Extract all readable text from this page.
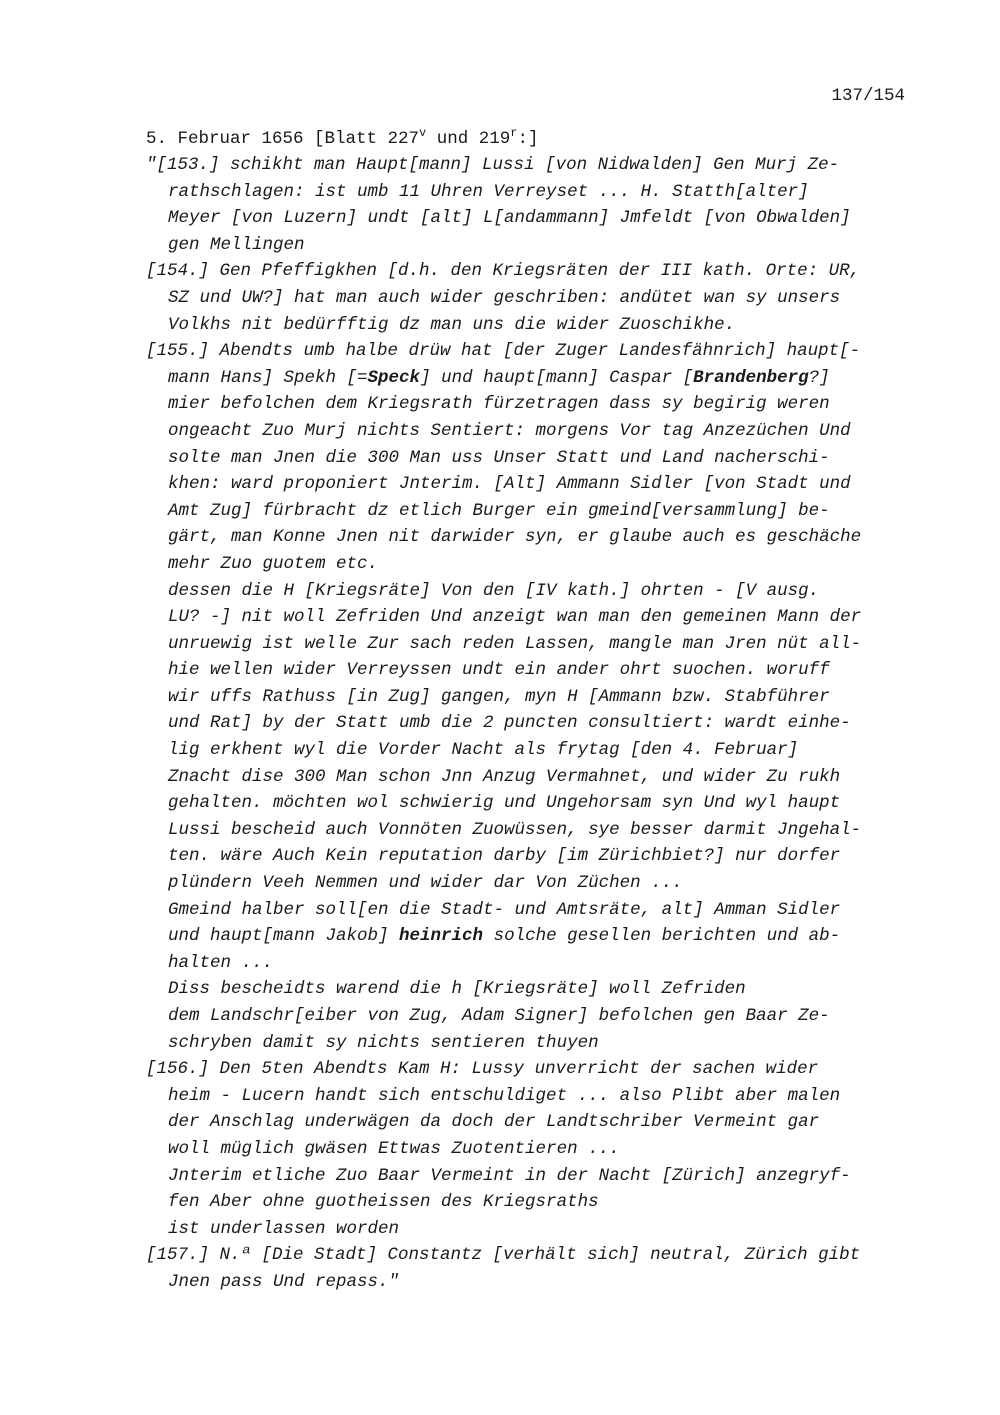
137/154
5. Februar 1656 [Blatt 227$^v$ und 219$^r$:]
"[153.] schikht man Haupt[mann] Lussi [von Nidwalden] Gen Murj Ze-
rathschlagen: ist umb 11 Uhren Verreyset ... H. Statth[alter]
Meyer [von Luzern] undt [alt] L[andammann] Jmfeldt [von Obwalden]
gen Mellingen
[154.] Gen Pfeffigkhen [d.h. den Kriegsräten der III kath. Orte: UR,
SZ und UW?] hat man auch wider geschriben: andütet wan sy unsers
Volkhs nit bedürfftig dz man uns die wider Zuoschikhe.
[155.] Abendts umb halbe drüw hat [der Zuger Landesfähnrich] haupt[-
mann Hans] Spekh [=Speck] und haupt[mann] Caspar [Brandenberg?]
mier befolchen dem Kriegsrath fürzetragen dass sy begirig weren
ongeacht Zuo Murj nichts Sentiert: morgens Vor tag Anzezüchen Und
solte man Jnen die 300 Man uss Unser Statt und Land nacherschi-
khen: ward proponiert Jnterim. [Alt] Ammann Sidler [von Stadt und
Amt Zug] fürbracht dz etlich Burger ein gmeind[versammlung] be-
gärt, man Konne Jnen nit darwider syn, er glaube auch es geschäche
mehr Zuo guotem etc.
dessen die H [Kriegsräte] Von den [IV kath.] ohrten - [V ausg.
LU? -] nit woll Zefriden Und anzeigt wan man den gemeinen Mann der
unruewig ist welle Zur sach reden Lassen, mangle man Jren nüt all-
hie wellen wider Verreyssen undt ein ander ohrt suochen. woruff
wir uffs Rathuss [in Zug] gangen, myn H [Ammann bzw. Stabführer
und Rat] by der Statt umb die 2 puncten consultiert: wardt einhe-
lig erkhent wyl die Vorder Nacht als frytag [den 4. Februar]
Znacht dise 300 Man schon Jnn Anzug Vermahnet, und wider Zu rukh
gehalten. möchten wol schwierig und Ungehorsam syn Und wyl haupt
Lussi bescheid auch Vonnöten Zuowüssen, sye besser darmit Jngehal-
ten. wäre Auch Kein reputation darby [im Zürichbiet?] nur dorfer
plündern Veeh Nemmen und wider dar Von Züchen ...
Gmeind halber soll[en die Stadt- und Amtsräte, alt] Amman Sidler
und haupt[mann Jakob] heinrich solche gesellen berichten und ab-
halten ...
Diss bescheidts warend die h [Kriegsräte] woll Zefriden
dem Landschr[eiber von Zug, Adam Signer] befolchen gen Baar Ze-
schryben damit sy nichts sentieren thuyen
[156.] Den 5ten Abendts Kam H: Lussy unverricht der sachen wider
heim - Lucern handt sich entschuldiget ... also Plibt aber malen
der Anschlag underwägen da doch der Landtschriber Vermeint gar
woll müglich gwäsen Ettwas Zuotentieren ...
Jnterim etliche Zuo Baar Vermeint in der Nacht [Zürich] anzegryf-
fen Aber ohne guotheissen des Kriegsraths
ist underlassen worden
[157.] N.ª [Die Stadt] Constantz [verhält sich] neutral, Zürich gibt
Jnen pass Und repass."
